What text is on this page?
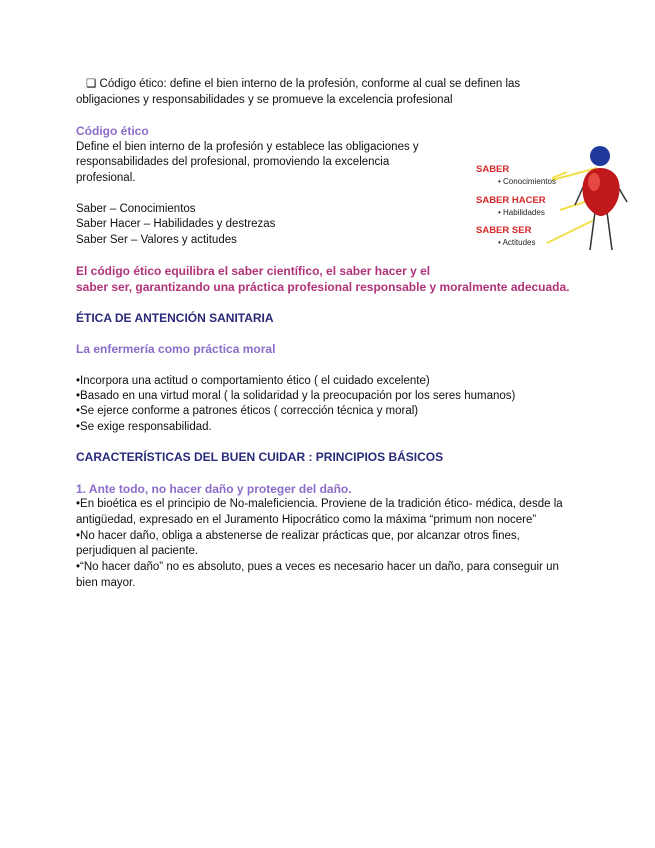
❑ Código ético: define el bien interno de la profesión, conforme al cual se definen las
obligaciones y responsabilidades y se promueve la excelencia profesional
Código ético
Define el bien interno de la profesión y establece las obligaciones y
responsabilidades del profesional, promoviendo la excelencia
profesional.
Saber – Conocimientos
Saber Hacer – Habilidades y destrezas
Saber Ser – Valores y actitudes
SABER
• Conocimientos
SABER HACER
• Habilidades
SABER SER
• Actitudes
El código ético equilibra el saber científico, el saber hacer y el
saber ser, garantizando una práctica profesional responsable y moralmente adecuada.
ÉTICA DE ANTENCIÓN SANITARIA
La enfermería como práctica moral
•Incorpora una actitud o comportamiento ético ( el cuidado excelente)
•Basado en una virtud moral ( la solidaridad y la preocupación por los seres humanos)
•Se ejerce conforme a patrones éticos ( corrección técnica y moral)
•Se exige responsabilidad.
CARACTERÍSTICAS DEL BUEN CUIDAR : PRINCIPIOS BÁSICOS
1. Ante todo, no hacer daño y proteger del daño.
•En bioética es el principio de No-maleficiencia. Proviene de la tradición ético- médica, desde la
antigüedad, expresado en el Juramento Hipocrático como la máxima “primum non nocere”
•No hacer daño, obliga a abstenerse de realizar prácticas que, por alcanzar otros fines,
perjudiquen al paciente.
•“No hacer daño” no es absoluto, pues a veces es necesario hacer un daño, para conseguir un
bien mayor.
